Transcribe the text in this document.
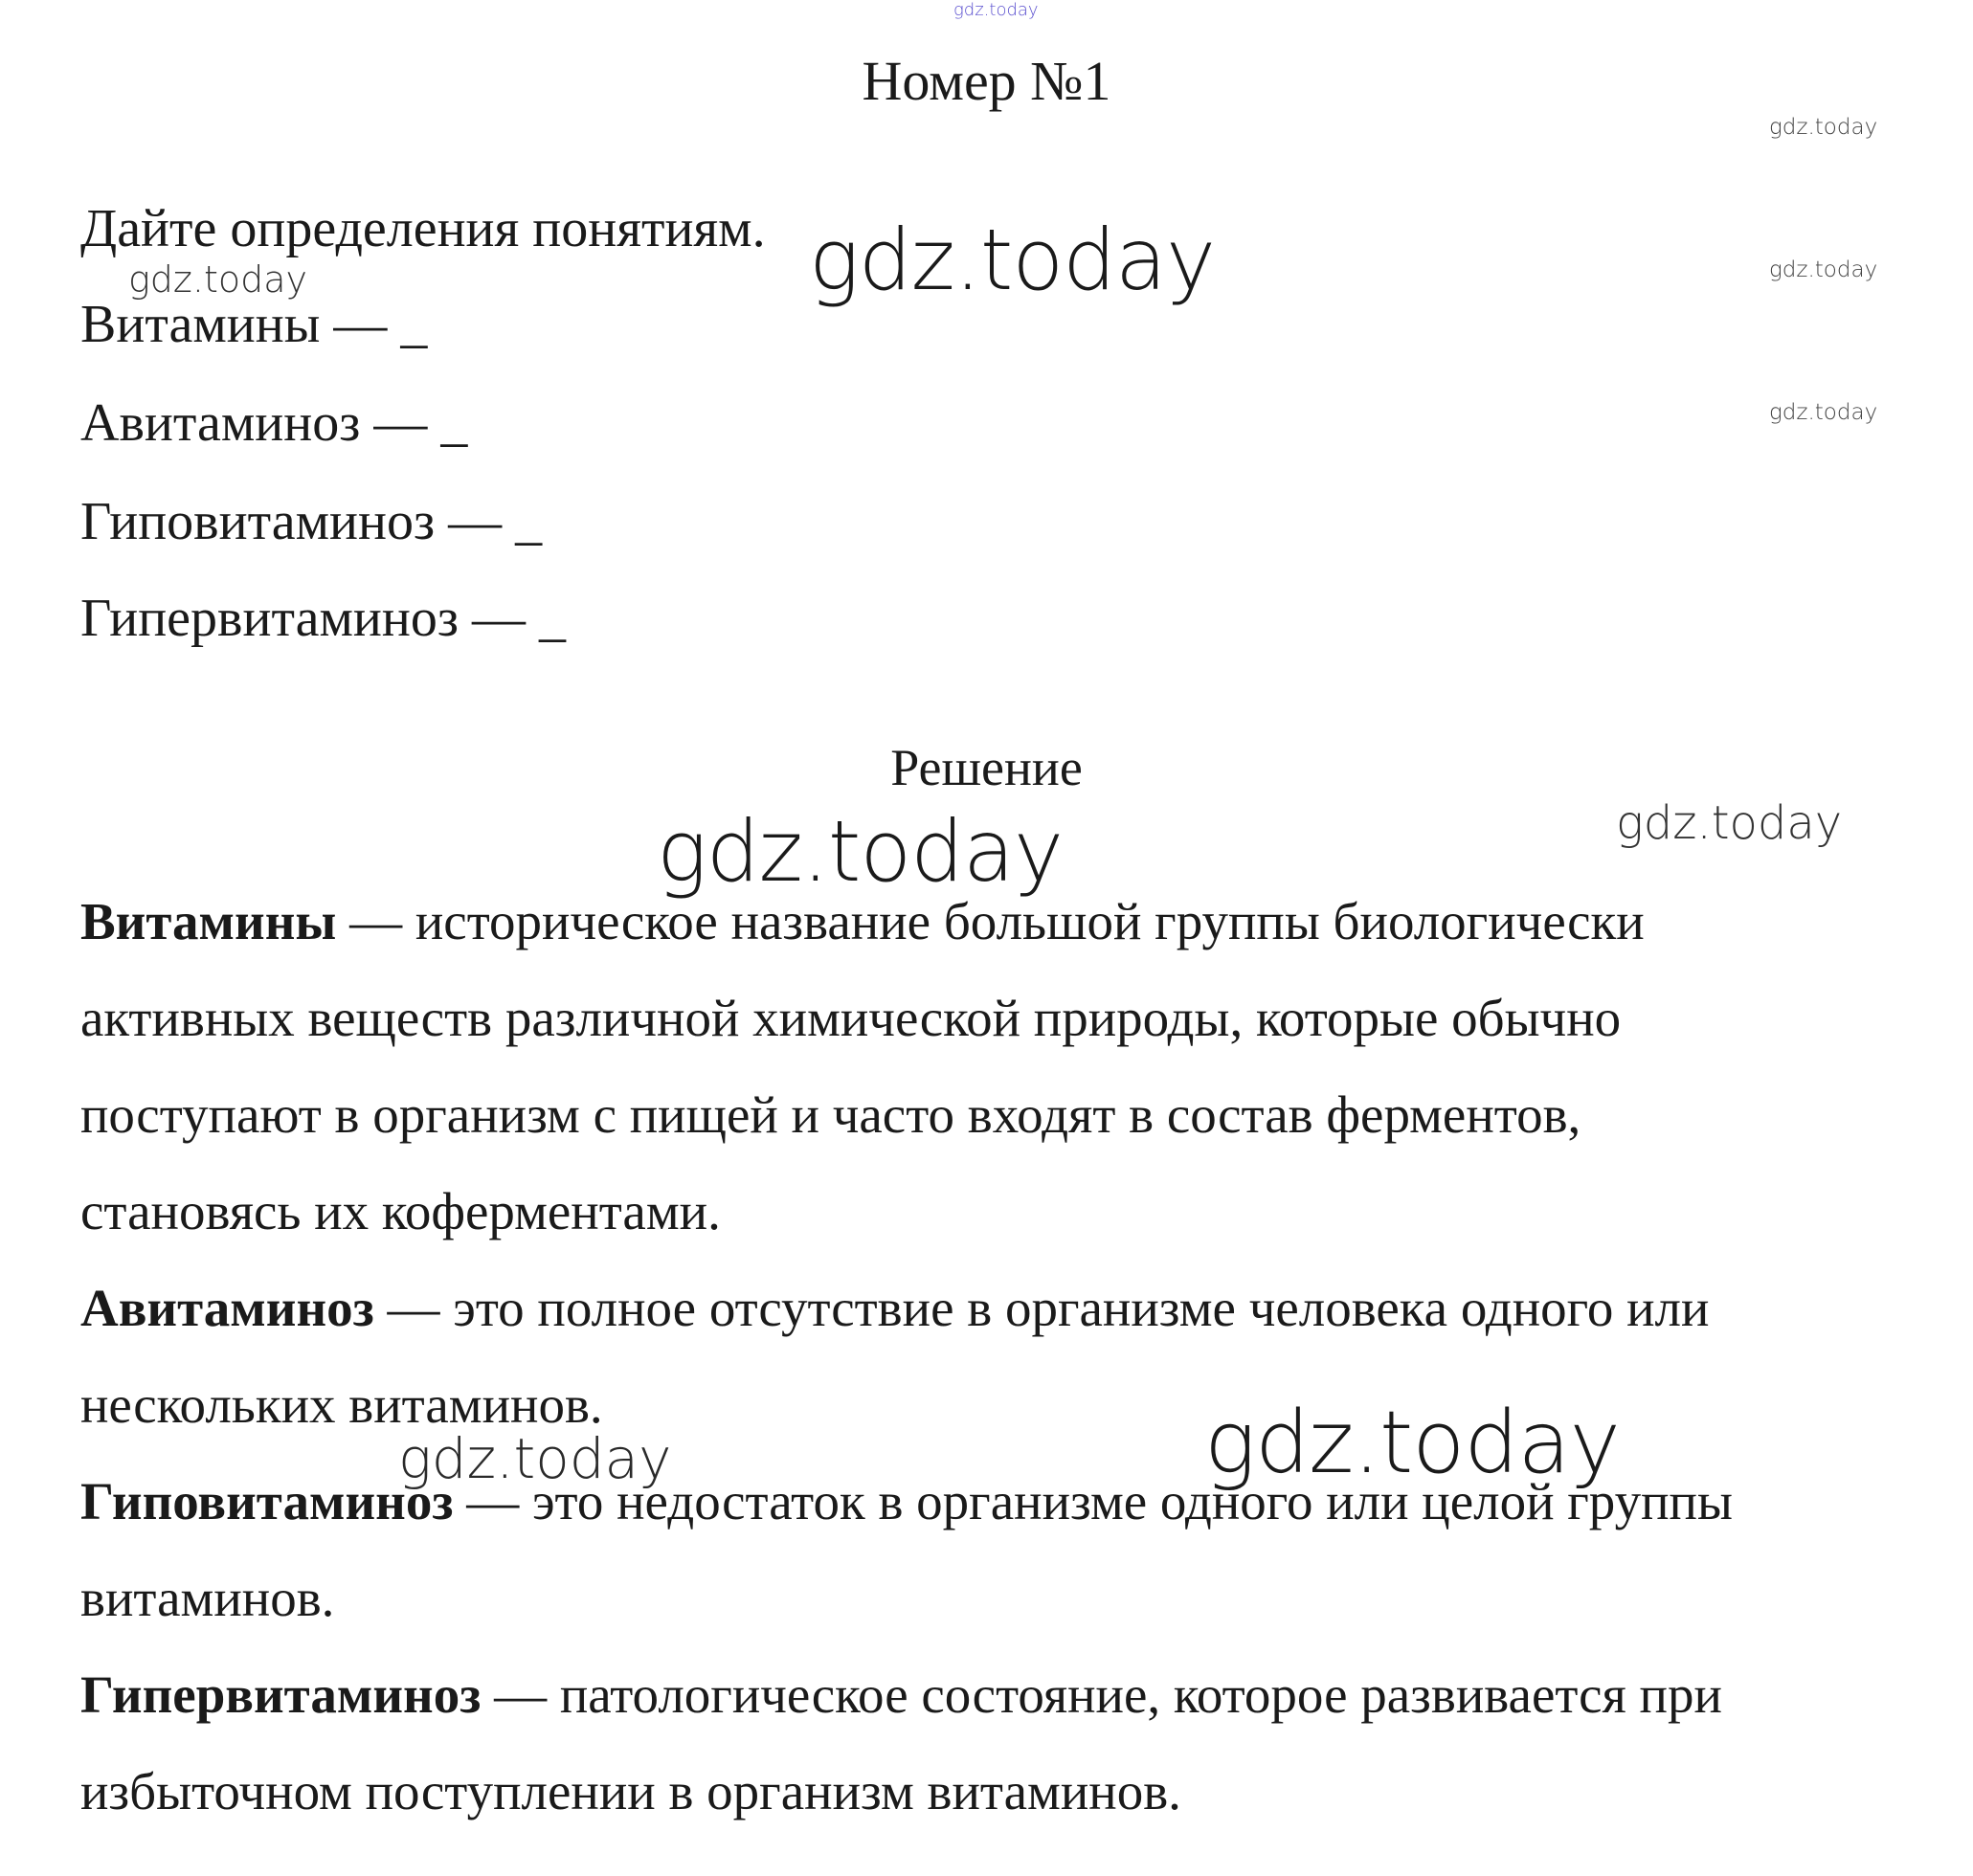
Номер №1
Дайте определения понятиям.
Витамины — _
Авитаминоз — _
Гиповитаминоз — _
Гипервитаминоз — _
Решение
Витамины — историческое название большой группы биологически
активных веществ различной химической природы, которые обычно
поступают в организм с пищей и часто входят в состав ферментов,
становясь их коферментами.
Авитаминоз — это полное отсутствие в организме человека одного или
нескольких витаминов.
Гиповитаминоз — это недостаток в организме одного или целой группы
витаминов.
Гипервитаминоз — патологическое состояние, которое развивается при
избыточном поступлении в организм витаминов.
gdz.today
gdz.today
gdz.today
gdz.today
gdz.today	gdz.today
gdz.today	gdz.today
gdz.today	gdz.today
